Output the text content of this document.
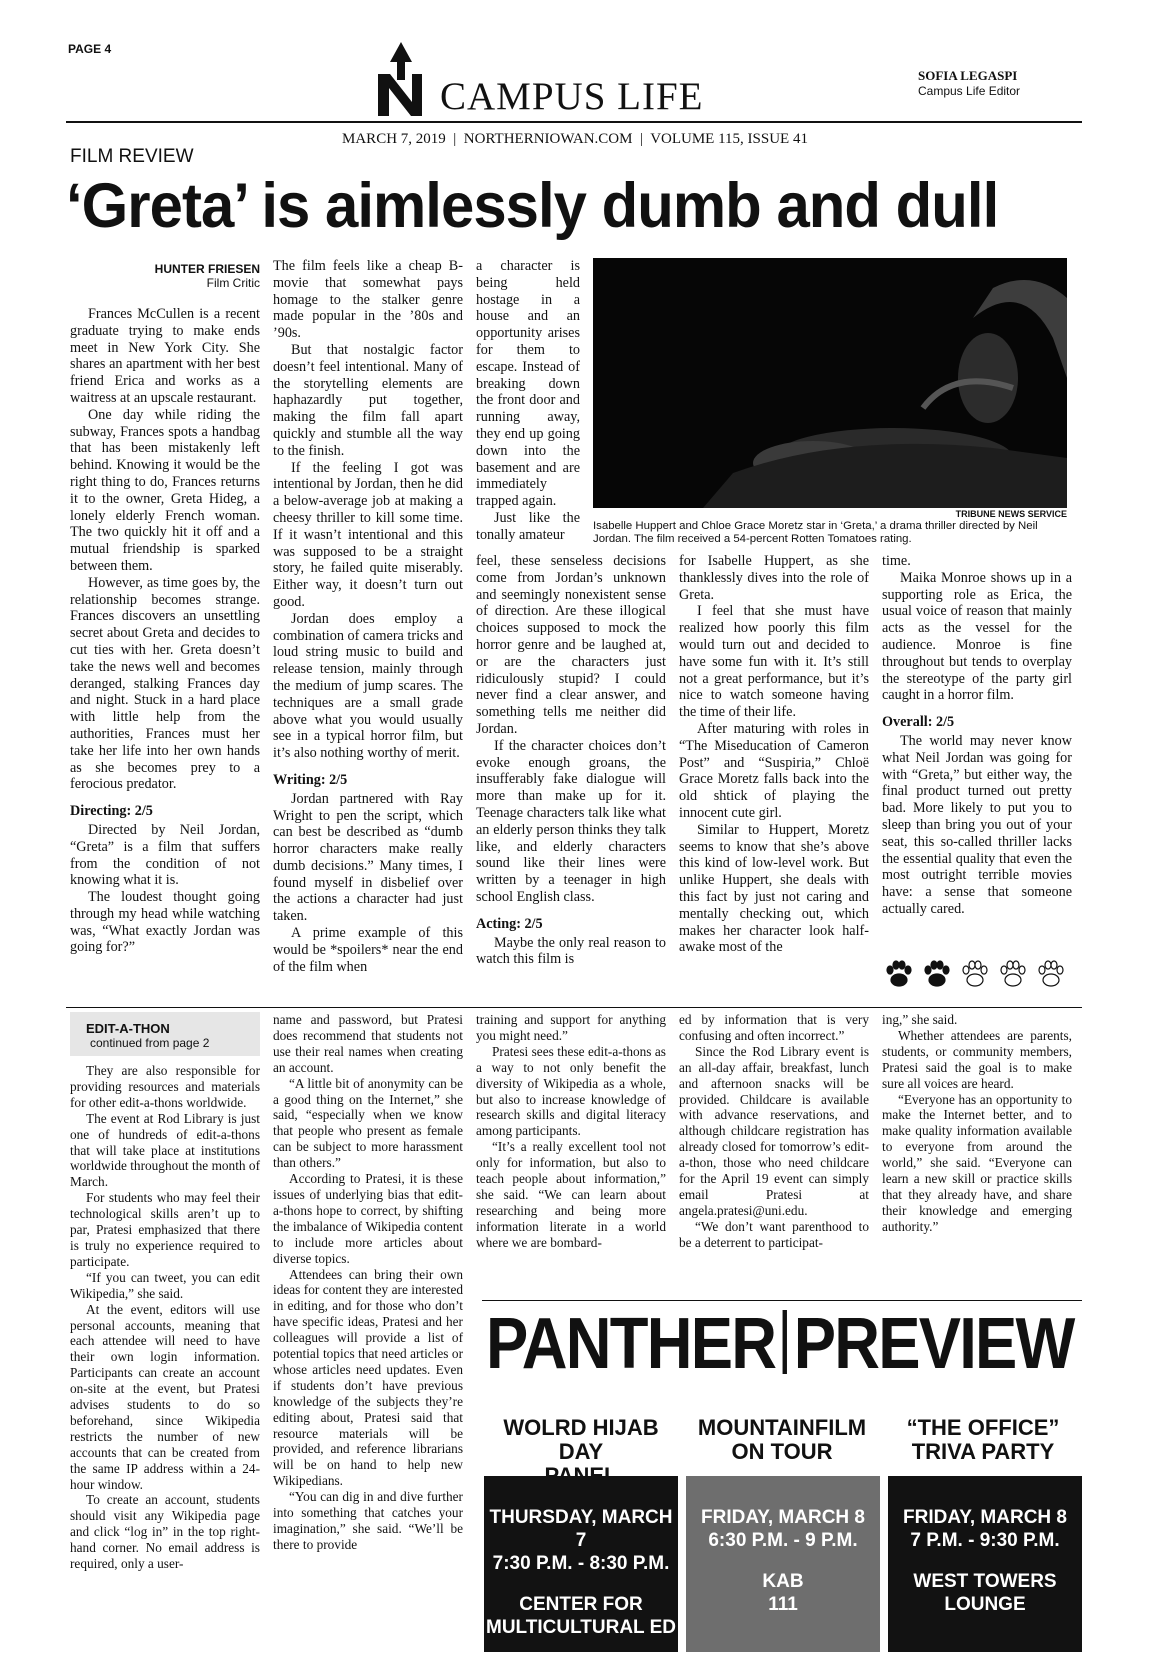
PAGE 4
CAMPUS LIFE	SOFIA LEGASPI
Campus Life Editor
MARCH 7, 2019  |  NORTHERNIOWAN.COM  |  VOLUME 115, ISSUE 41
FILM REVIEW
‘Greta’ is aimlessly dumb and dull
HUNTER FRIESEN
Film Critic

Frances McCullen is a recent graduate trying to make ends meet in New York City. She shares an apartment with her best friend Erica and works as a waitress at an upscale restaurant.

One day while riding the subway, Frances spots a handbag that has been mistakenly left behind. Knowing it would be the right thing to do, Frances returns it to the owner, Greta Hideg, a lonely elderly French woman. The two quickly hit it off and a mutual friendship is sparked between them.

However, as time goes by, the relationship becomes strange. Frances discovers an unsettling secret about Greta and decides to cut ties with her. Greta doesn’t take the news well and becomes deranged, stalking Frances day and night. Stuck in a hard place with little help from the authorities, Frances must her take her life into her own hands as she becomes prey to a ferocious predator.

Directing: 2/5

Directed by Neil Jordan, “Greta” is a film that suffers from the condition of not knowing what it is.

The loudest thought going through my head while watching was, “What exactly Jordan was going for?”

The film feels like a cheap B-movie that somewhat pays homage to the stalker genre made popular in the ’80s and ’90s.

But that nostalgic factor doesn’t feel intentional. Many of the storytelling elements are haphazardly put together, making the film fall apart quickly and stumble all the way to the finish.

If the feeling I got was intentional by Jordan, then he did a below-average job at making a cheesy thriller to kill some time. If it wasn’t intentional and this was supposed to be a straight story, he failed quite miserably. Either way, it doesn’t turn out good.

Jordan does employ a combination of camera tricks and loud string music to build and release tension, mainly through the medium of jump scares. The techniques are a small grade above what you would usually see in a typical horror film, but it’s also nothing worthy of merit.

Writing: 2/5

Jordan partnered with Ray Wright to pen the script, which can best be described as “dumb horror characters make really dumb decisions.” Many times, I found myself in disbelief over the actions a character had just taken.

A prime example of this would be *spoilers* near the end of the film when

a character is being held hostage in a house and an opportunity arises for them to escape. Instead of breaking down the front door and running away, they end up going down into the basement and are immediately trapped again.

Just like the tonally amateur

TRIBUNE NEWS SERVICE
Isabelle Huppert and Chloe Grace Moretz star in ‘Greta,’ a drama thriller directed by Neil Jordan. The film received a 54-percent Rotten Tomatoes rating.

feel, these senseless decisions come from Jordan’s unknown and seemingly nonexistent sense of direction. Are these illogical choices supposed to mock the horror genre and be laughed at, or are the characters just ridiculously stupid? I could never find a clear answer, and something tells me neither did Jordan.

If the character choices don’t evoke enough groans, the insufferably fake dialogue will more than make up for it. Teenage characters talk like what an elderly person thinks they talk like, and elderly characters sound like their lines were written by a teenager in high school English class.

Acting: 2/5

Maybe the only real reason to watch this film is

for Isabelle Huppert, as she thanklessly dives into the role of Greta.

I feel that she must have realized how poorly this film would turn out and decided to have some fun with it. It’s still not a great performance, but it’s nice to watch someone having the time of their life.

After maturing with roles in “The Miseducation of Cameron Post” and “Suspiria,” Chloë Grace Moretz falls back into the old shtick of playing the innocent cute girl.

Similar to Huppert, Moretz seems to know that she’s above this kind of low-level work. But unlike Huppert, she deals with this fact by just not caring and mentally checking out, which makes her character look half-awake most of the

time.

Maika Monroe shows up in a supporting role as Erica, the usual voice of reason that mainly acts as the vessel for the audience. Monroe is fine throughout but tends to overplay the stereotype of the party girl caught in a horror film.

Overall: 2/5

The world may never know what Neil Jordan was going for with “Greta,” but either way, the final product turned out pretty bad. More likely to put you to sleep than bring you out of your seat, this so-called thriller lacks the essential quality that even the most outright terrible movies have: a sense that someone actually cared.

EDIT-A-THON
continued from page 2

They are also responsible for providing resources and materials for other edit-a-thons worldwide.

The event at Rod Library is just one of hundreds of edit-a-thons that will take place at institutions worldwide throughout the month of March.

For students who may feel their technological skills aren’t up to par, Pratesi emphasized that there is truly no experience required to participate.

“If you can tweet, you can edit Wikipedia,” she said.

At the event, editors will use personal accounts, meaning that each attendee will need to have their own login information. Participants can create an account on-site at the event, but Pratesi advises students to do so beforehand, since Wikipedia restricts the number of new accounts that can be created from the same IP address within a 24-hour window.

To create an account, students should visit any Wikipedia page and click “log in” in the top right-hand corner. No email address is required, only a user-

name and password, but Pratesi does recommend that students not use their real names when creating an account.

“A little bit of anonymity can be a good thing on the Internet,” she said, “especially when we know that people who present as female can be subject to more harassment than others.”

According to Pratesi, it is these issues of underlying bias that edit-a-thons hope to correct, by shifting the imbalance of Wikipedia content to include more articles about diverse topics.

Attendees can bring their own ideas for content they are interested in editing, and for those who don’t have specific ideas, Pratesi and her colleagues will provide a list of potential topics that need articles or whose articles need updates. Even if students don’t have previous knowledge of the subjects they’re editing about, Pratesi said that resource materials will be provided, and reference librarians will be on hand to help new Wikipedians.

“You can dig in and dive further into something that catches your imagination,” she said. “We’ll be there to provide

training and support for anything you might need.”

Pratesi sees these edit-a-thons as a way to not only benefit the diversity of Wikipedia as a whole, but also to increase knowledge of research skills and digital literacy among participants.

“It’s a really excellent tool not only for information, but also to teach people about information,” she said. “We can learn about researching and being more information literate in a world where we are bombard-

ed by information that is very confusing and often incorrect.”

Since the Rod Library event is an all-day affair, breakfast, lunch and afternoon snacks will be provided. Childcare is available with advance reservations, and although childcare registration has already closed for tomorrow’s edit-a-thon, those who need childcare for the April 19 event can simply email Pratesi at angela.pratesi@uni.edu.

“We don’t want parenthood to be a deterrent to participat-

ing,” she said.

Whether attendees are parents, students, or community members, Pratesi said the goal is to make sure all voices are heard.

“Everyone has an opportunity to make the Internet better, and to make quality information available to everyone from around the world,” she said. “Everyone can learn a new skill or practice skills that they already have, and share their knowledge and emerging authority.”

PANTHER PREVIEW
WOLRD HIJAB DAY
MOUNTAINFILM
ON TOUR
“THE OFFICE”
TRIVA PARTY
THURSDAY, MARCH 7
7:30 P.M. - 8:30 P.M.
CENTER FOR
MULTICULTURAL ED
FRIDAY, MARCH 8
6:30 P.M. - 9 P.M.
KAB
111
FRIDAY, MARCH 8
7 P.M. - 9:30 P.M.
WEST TOWERS
LOUNGE
